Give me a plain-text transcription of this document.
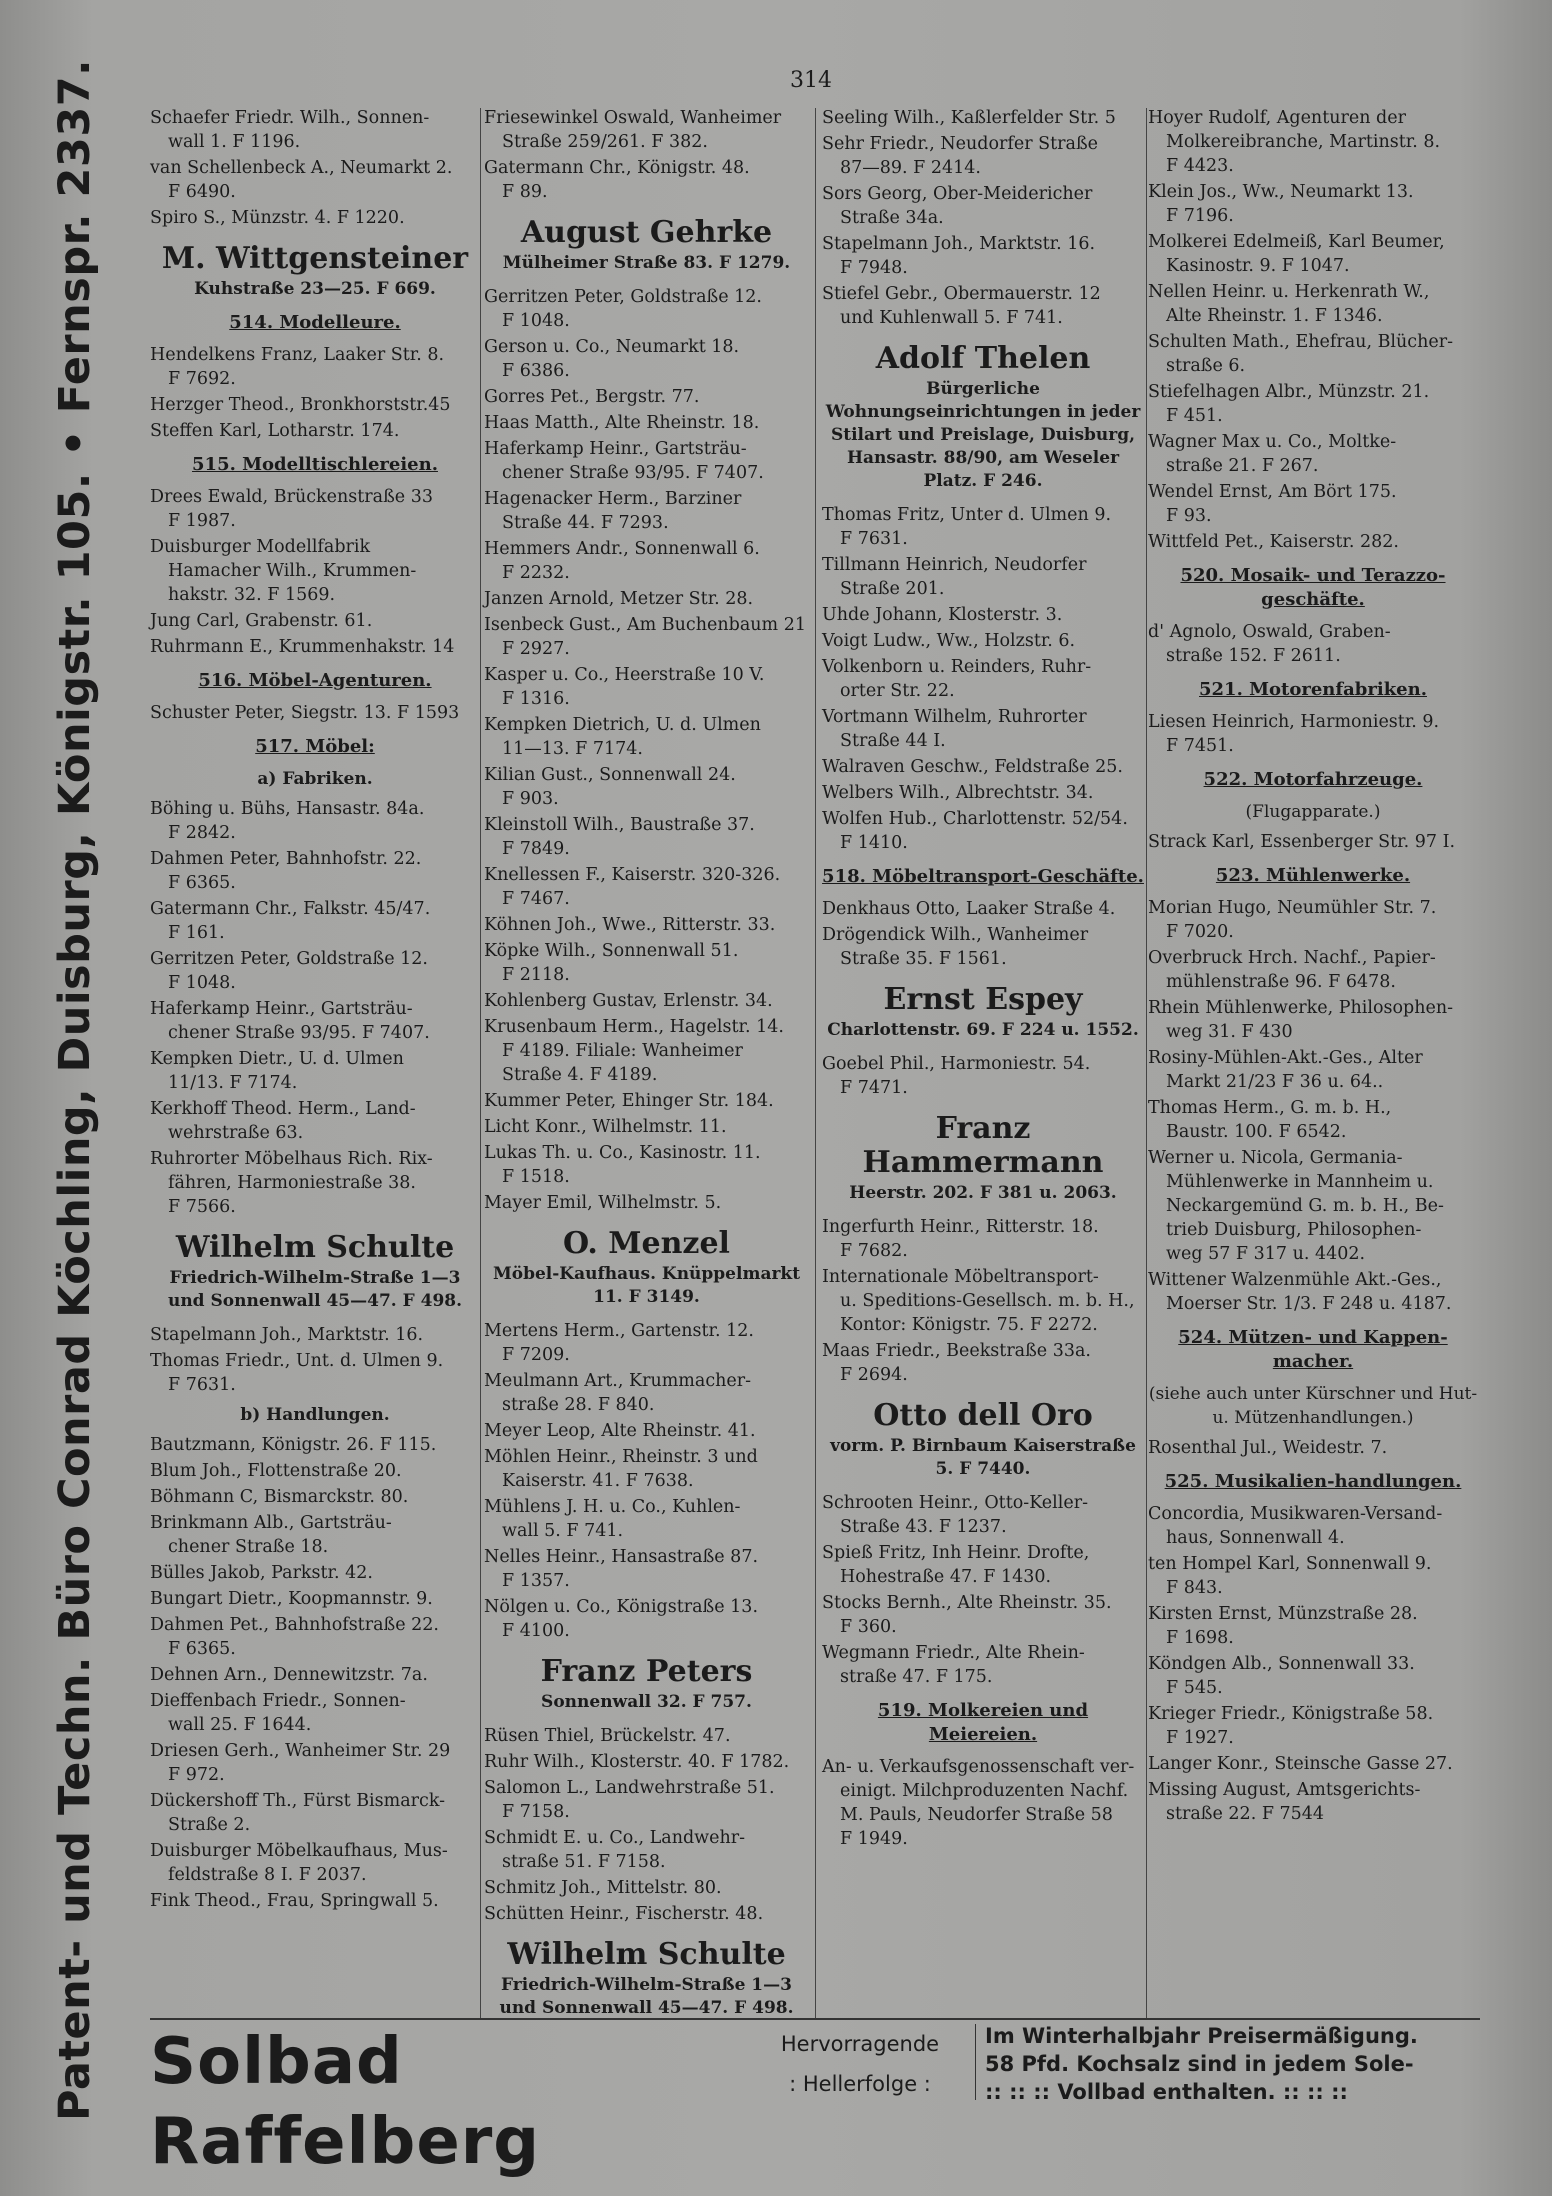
314
Patent- und Techn. Büro Conrad Köchling, Duisburg, Königstr. 105. • Fernspr. 2337.	Schaefer Friedr. Wilh., Sonnen-
wall 1. F 1196.
van Schellenbeck A., Neumarkt 2.
F 6490.
Spiro S., Münzstr. 4. F 1220.
M. Wittgensteiner
Kuhstraße 23—25. F 669.
514. Modelleure.
Hendelkens Franz, Laaker Str. 8.
F 7692.
Herzger Theod., Bronkhorststr.45
Steffen Karl, Lotharstr. 174.
515. Modelltischlereien.
Drees Ewald, Brückenstraße 33
F 1987.
Duisburger Modellfabrik
Hamacher Wilh., Krummen-
hakstr. 32. F 1569.
Jung Carl, Grabenstr. 61.
Ruhrmann E., Krummenhakstr. 14
516. Möbel-Agenturen.
Schuster Peter, Siegstr. 13. F 1593
517. Möbel:
a) Fabriken.
Böhing u. Bühs, Hansastr. 84a.
F 2842.
Dahmen Peter, Bahnhofstr. 22.
F 6365.
Gatermann Chr., Falkstr. 45/47.
F 161.
Gerritzen Peter, Goldstraße 12.
F 1048.
Haferkamp Heinr., Gartsträu-
chener Straße 93/95. F 7407.
Kempken Dietr., U. d. Ulmen
11/13. F 7174.
Kerkhoff Theod. Herm., Land-
wehrstraße 63.
Ruhrorter Möbelhaus Rich. Rix-
fähren, Harmoniestraße 38.
F 7566.
Wilhelm Schulte
Friedrich-Wilhelm-Straße 1—3 und Sonnenwall 45—47. F 498.
Stapelmann Joh., Marktstr. 16.
Thomas Friedr., Unt. d. Ulmen 9.
F 7631.
b) Handlungen.
Bautzmann, Königstr. 26. F 115.
Blum Joh., Flottenstraße 20.
Böhmann C, Bismarckstr. 80.
Brinkmann Alb., Gartsträu-
chener Straße 18.
Bülles Jakob, Parkstr. 42.
Bungart Dietr., Koopmannstr. 9.
Dahmen Pet., Bahnhofstraße 22.
F 6365.
Dehnen Arn., Dennewitzstr. 7a.
Dieffenbach Friedr., Sonnen-
wall 25. F 1644.
Driesen Gerh., Wanheimer Str. 29
F 972.
Dückershoff Th., Fürst Bismarck-
Straße 2.
Duisburger Möbelkaufhaus, Mus-
feldstraße 8 I. F 2037.
Fink Theod., Frau, Springwall 5.
Friesewinkel Oswald, Wanheimer
Straße 259/261. F 382.
Gatermann Chr., Königstr. 48.
F 89.
August Gehrke
Mülheimer Straße 83. F 1279.
Gerritzen Peter, Goldstraße 12.
F 1048.
Gerson u. Co., Neumarkt 18.
F 6386.
Gorres Pet., Bergstr. 77.
Haas Matth., Alte Rheinstr. 18.
Haferkamp Heinr., Gartsträu-
chener Straße 93/95. F 7407.
Hagenacker Herm., Barziner
Straße 44. F 7293.
Hemmers Andr., Sonnenwall 6.
F 2232.
Janzen Arnold, Metzer Str. 28.
Isenbeck Gust., Am Buchenbaum 21
F 2927.
Kasper u. Co., Heerstraße 10 V.
F 1316.
Kempken Dietrich, U. d. Ulmen
11—13. F 7174.
Kilian Gust., Sonnenwall 24.
F 903.
Kleinstoll Wilh., Baustraße 37.
F 7849.
Knellessen F., Kaiserstr. 320-326.
F 7467.
Köhnen Joh., Wwe., Ritterstr. 33.
Köpke Wilh., Sonnenwall 51.
F 2118.
Kohlenberg Gustav, Erlenstr. 34.
Krusenbaum Herm., Hagelstr. 14.
F 4189. Filiale: Wanheimer
Straße 4. F 4189.
Kummer Peter, Ehinger Str. 184.
Licht Konr., Wilhelmstr. 11.
Lukas Th. u. Co., Kasinostr. 11.
F 1518.
Mayer Emil, Wilhelmstr. 5.
O. Menzel
Möbel-Kaufhaus. Knüppelmarkt 11. F 3149.
Mertens Herm., Gartenstr. 12.
F 7209.
Meulmann Art., Krummacher-
straße 28. F 840.
Meyer Leop, Alte Rheinstr. 41.
Möhlen Heinr., Rheinstr. 3 und
Kaiserstr. 41. F 7638.
Mühlens J. H. u. Co., Kuhlen-
wall 5. F 741.
Nelles Heinr., Hansastraße 87.
F 1357.
Nölgen u. Co., Königstraße 13.
F 4100.
Franz Peters
Sonnenwall 32. F 757.
Rüsen Thiel, Brückelstr. 47.
Ruhr Wilh., Klosterstr. 40. F 1782.
Salomon L., Landwehrstraße 51.
F 7158.
Schmidt E. u. Co., Landwehr-
straße 51. F 7158.
Schmitz Joh., Mittelstr. 80.
Schütten Heinr., Fischerstr. 48.
Wilhelm Schulte
Friedrich-Wilhelm-Straße 1—3 und Sonnenwall 45—47. F 498.
Seeling Wilh., Kaßlerfelder Str. 5
Sehr Friedr., Neudorfer Straße
87—89. F 2414.
Sors Georg, Ober-Meidericher
Straße 34a.
Stapelmann Joh., Marktstr. 16.
F 7948.
Stiefel Gebr., Obermauerstr. 12
und Kuhlenwall 5. F 741.
Adolf Thelen
Bürgerliche Wohnungseinrichtungen in jeder Stilart und Preislage, Duisburg, Hansastr. 88/90, am Weseler Platz. F 246.
Thomas Fritz, Unter d. Ulmen 9.
F 7631.
Tillmann Heinrich, Neudorfer
Straße 201.
Uhde Johann, Klosterstr. 3.
Voigt Ludw., Ww., Holzstr. 6.
Volkenborn u. Reinders, Ruhr-
orter Str. 22.
Vortmann Wilhelm, Ruhrorter
Straße 44 I.
Walraven Geschw., Feldstraße 25.
Welbers Wilh., Albrechtstr. 34.
Wolfen Hub., Charlottenstr. 52/54.
F 1410.
518. Möbeltransport-Geschäfte.
Denkhaus Otto, Laaker Straße 4.
Drögendick Wilh., Wanheimer
Straße 35. F 1561.
Ernst Espey
Charlottenstr. 69. F 224 u. 1552.
Goebel Phil., Harmoniestr. 54.
F 7471.
Franz Hammermann
Heerstr. 202. F 381 u. 2063.
Ingerfurth Heinr., Ritterstr. 18.
F 7682.
Internationale Möbeltransport-
u. Speditions-Gesellsch. m. b. H.,
Kontor: Königstr. 75. F 2272.
Maas Friedr., Beekstraße 33a.
F 2694.
Otto dell Oro
vorm. P. Birnbaum Kaiserstraße 5. F 7440.
Schrooten Heinr., Otto-Keller-
Straße 43. F 1237.
Spieß Fritz, Inh Heinr. Drofte,
Hohestraße 47. F 1430.
Stocks Bernh., Alte Rheinstr. 35.
F 360.
Wegmann Friedr., Alte Rhein-
straße 47. F 175.
519. Molkereien und Meiereien.
An- u. Verkaufsgenossenschaft ver-
einigt. Milchproduzenten Nachf.
M. Pauls, Neudorfer Straße 58
F 1949.
Hoyer Rudolf, Agenturen der
Molkereibranche, Martinstr. 8.
F 4423.
Klein Jos., Ww., Neumarkt 13.
F 7196.
Molkerei Edelmeiß, Karl Beumer,
Kasinostr. 9. F 1047.
Nellen Heinr. u. Herkenrath W.,
Alte Rheinstr. 1. F 1346.
Schulten Math., Ehefrau, Blücher-
straße 6.
Stiefelhagen Albr., Münzstr. 21.
F 451.
Wagner Max u. Co., Moltke-
straße 21. F 267.
Wendel Ernst, Am Bört 175.
F 93.
Wittfeld Pet., Kaiserstr. 282.
520. Mosaik- und Terazzo-geschäfte.
d' Agnolo, Oswald, Graben-
straße 152. F 2611.
521. Motorenfabriken.
Liesen Heinrich, Harmoniestr. 9.
F 7451.
522. Motorfahrzeuge.
(Flugapparate.)
Strack Karl, Essenberger Str. 97 I.
523. Mühlenwerke.
Morian Hugo, Neumühler Str. 7.
F 7020.
Overbruck Hrch. Nachf., Papier-
mühlenstraße 96. F 6478.
Rhein Mühlenwerke, Philosophen-
weg 31. F 430
Rosiny-Mühlen-Akt.-Ges., Alter
Markt 21/23 F 36 u. 64..
Thomas Herm., G. m. b. H.,
Baustr. 100. F 6542.
Werner u. Nicola, Germania-
Mühlenwerke in Mannheim u.
Neckargemünd G. m. b. H., Be-
trieb Duisburg, Philosophen-
weg 57 F 317 u. 4402.
Wittener Walzenmühle Akt.-Ges.,
Moerser Str. 1/3. F 248 u. 4187.
524. Mützen- und Kappen-macher.
(siehe auch unter Kürschner und Hut- u. Mützenhandlungen.)
Rosenthal Jul., Weidestr. 7.
525. Musikalien-handlungen.
Concordia, Musikwaren-Versand-
haus, Sonnenwall 4.
ten Hompel Karl, Sonnenwall 9.
F 843.
Kirsten Ernst, Münzstraße 28.
F 1698.
Köndgen Alb., Sonnenwall 33.
F 545.
Krieger Friedr., Königstraße 58.
F 1927.
Langer Konr., Steinsche Gasse 27.
Missing August, Amtsgerichts-
straße 22. F 7544
Solbad Raffelberg
Hervorragende
: Hellerfolge :
Im Winterhalbjahr Preisermäßigung.
58 Pfd. Kochsalz sind in jedem Sole-
:: :: :: Vollbad enthalten. :: :: ::
